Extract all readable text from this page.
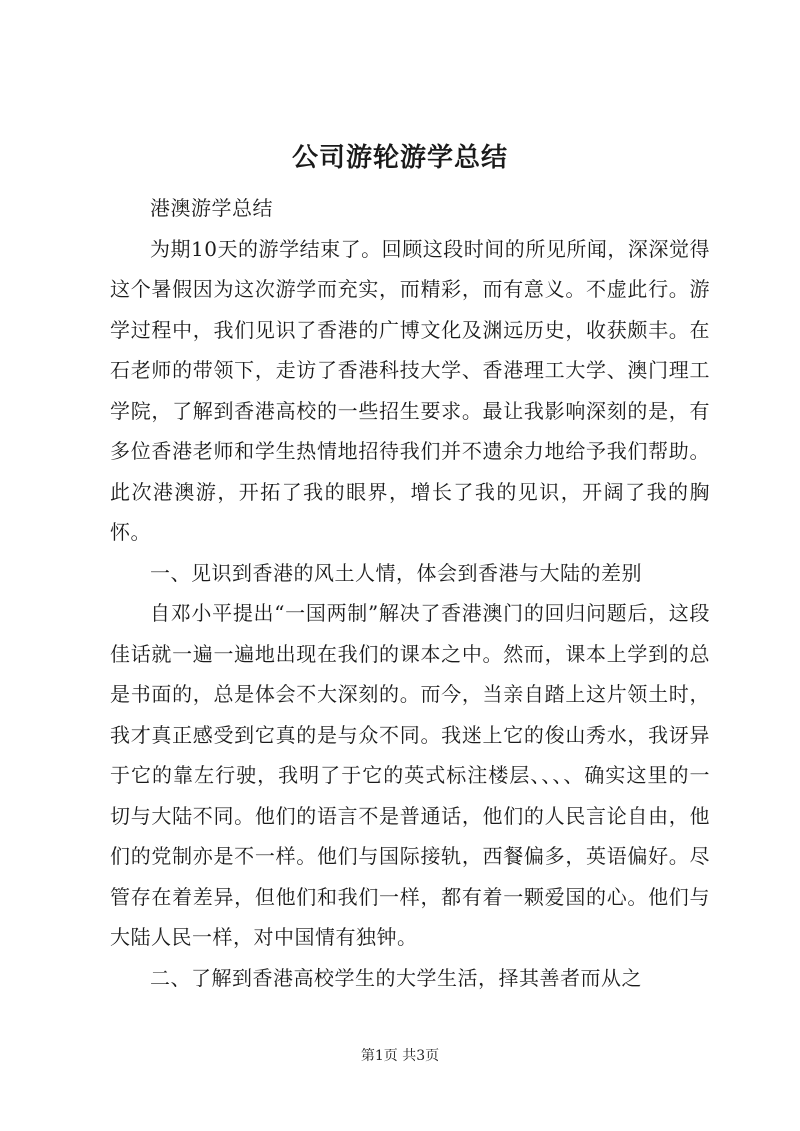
公司游轮游学总结

港澳游学总结

为期10天的游学结束了。回顾这段时间的所见所闻，深深觉得这个暑假因为这次游学而充实，而精彩，而有意义。不虚此行。游学过程中，我们见识了香港的广博文化及渊远历史，收获颇丰。在石老师的带领下，走访了香港科技大学、香港理工大学、澳门理工学院，了解到香港高校的一些招生要求。最让我影响深刻的是，有多位香港老师和学生热情地招待我们并不遗余力地给予我们帮助。此次港澳游，开拓了我的眼界，增长了我的见识，开阔了我的胸怀。

一、见识到香港的风土人情，体会到香港与大陆的差别

自邓小平提出“一国两制”解决了香港澳门的回归问题后，这段佳话就一遍一遍地出现在我们的课本之中。然而，课本上学到的总是书面的，总是体会不大深刻的。而今，当亲自踏上这片领土时，我才真正感受到它真的是与众不同。我迷上它的俊山秀水，我讶异于它的靠左行驶，我明了于它的英式标注楼层、、、、确实这里的一切与大陆不同。他们的语言不是普通话，他们的人民言论自由，他们的党制亦是不一样。他们与国际接轨，西餐偏多，英语偏好。尽管存在着差异，但他们和我们一样，都有着一颗爱国的心。他们与大陆人民一样，对中国情有独钟。

二、了解到香港高校学生的大学生活，择其善者而从之

第1页 共3页
